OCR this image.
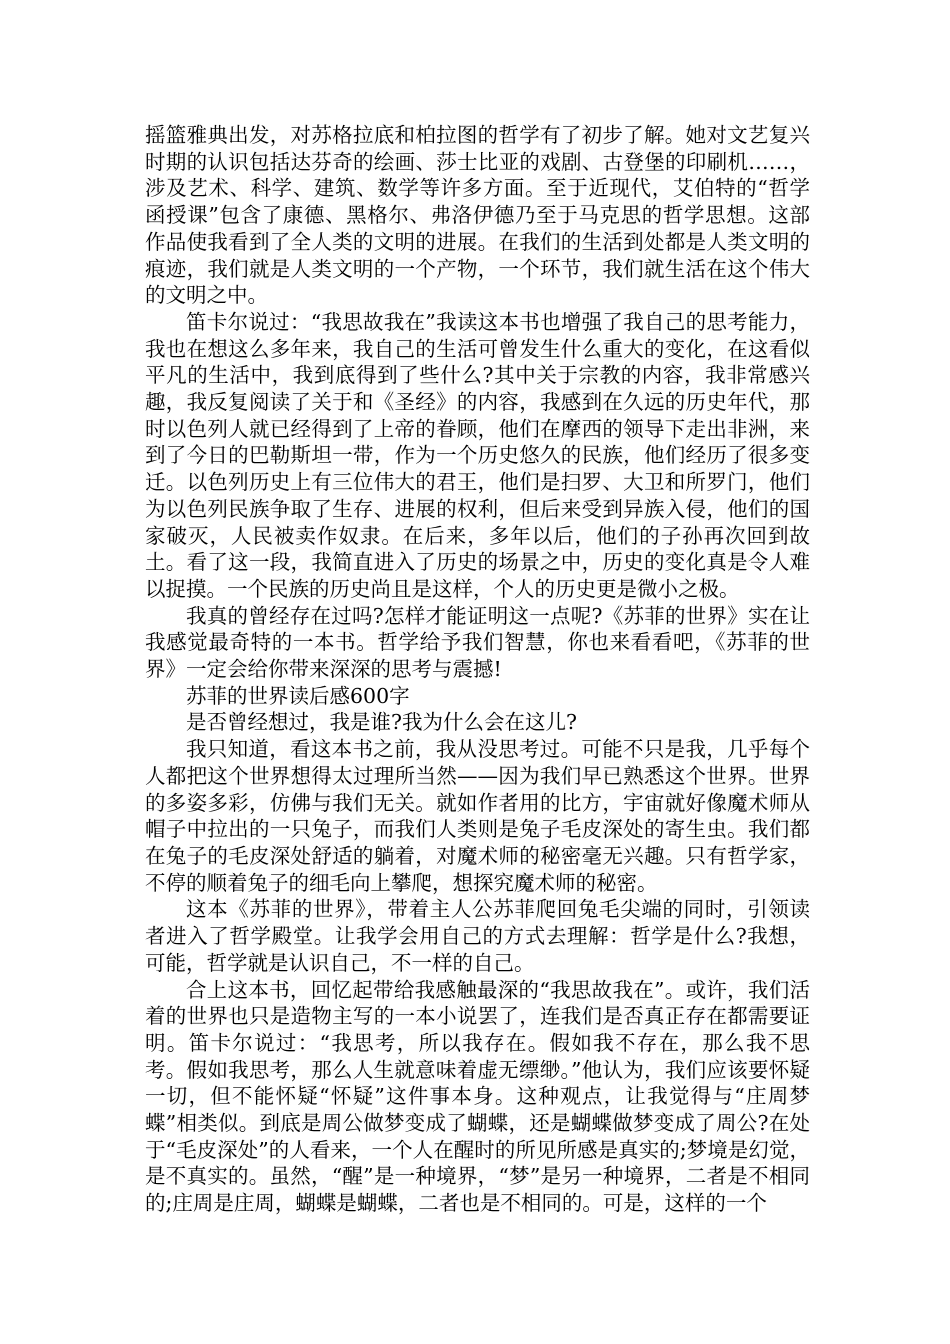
摇篮雅典出发，对苏格拉底和柏拉图的哲学有了初步了解。她对文艺复兴时期的认识包括达芬奇的绘画、莎士比亚的戏剧、古登堡的印刷机……，涉及艺术、科学、建筑、数学等许多方面。至于近现代，艾伯特的“哲学函授课”包含了康德、黑格尔、弗洛伊德乃至于马克思的哲学思想。这部作品使我看到了全人类的文明的进展。在我们的生活到处都是人类文明的痕迹，我们就是人类文明的一个产物，一个环节，我们就生活在这个伟大的文明之中。

笛卡尔说过：“我思故我在”我读这本书也增强了我自己的思考能力，我也在想这么多年来，我自己的生活可曾发生什么重大的变化，在这看似平凡的生活中，我到底得到了些什么?其中关于宗教的内容，我非常感兴趣，我反复阅读了关于和《圣经》的内容，我感到在久远的历史年代，那时以色列人就已经得到了上帝的眷顾，他们在摩西的领导下走出非洲，来到了今日的巴勒斯坦一带，作为一个历史悠久的民族，他们经历了很多变迁。以色列历史上有三位伟大的君王，他们是扫罗、大卫和所罗门，他们为以色列民族争取了生存、进展的权利，但后来受到异族入侵，他们的国家破灭，人民被卖作奴隶。在后来，多年以后，他们的子孙再次回到故土。看了这一段，我简直进入了历史的场景之中，历史的变化真是令人难以捉摸。一个民族的历史尚且是这样，个人的历史更是微小之极。

我真的曾经存在过吗?怎样才能证明这一点呢?《苏菲的世界》实在让我感觉最奇特的一本书。哲学给予我们智慧，你也来看看吧，《苏菲的世界》一定会给你带来深深的思考与震撼!

苏菲的世界读后感600字

是否曾经想过，我是谁?我为什么会在这儿?

我只知道，看这本书之前，我从没思考过。可能不只是我，几乎每个人都把这个世界想得太过理所当然——因为我们早已熟悉这个世界。世界的多姿多彩，仿佛与我们无关。就如作者用的比方，宇宙就好像魔术师从帽子中拉出的一只兔子，而我们人类则是兔子毛皮深处的寄生虫。我们都在兔子的毛皮深处舒适的躺着，对魔术师的秘密毫无兴趣。只有哲学家，不停的顺着兔子的细毛向上攀爬，想探究魔术师的秘密。

这本《苏菲的世界》，带着主人公苏菲爬回兔毛尖端的同时，引领读者进入了哲学殿堂。让我学会用自己的方式去理解：哲学是什么?我想，可能，哲学就是认识自己，不一样的自己。

合上这本书，回忆起带给我感触最深的“我思故我在”。或许，我们活着的世界也只是造物主写的一本小说罢了，连我们是否真正存在都需要证明。笛卡尔说过：“我思考，所以我存在。假如我不存在，那么我不思考。假如我思考，那么人生就意味着虚无缥缈。”他认为，我们应该要怀疑一切，但不能怀疑“怀疑”这件事本身。这种观点，让我觉得与“庄周梦蝶”相类似。到底是周公做梦变成了蝴蝶，还是蝴蝶做梦变成了周公?在处于“毛皮深处”的人看来，一个人在醒时的所见所感是真实的;梦境是幻觉，是不真实的。虽然，“醒”是一种境界，“梦”是另一种境界，二者是不相同的;庄周是庄周，蝴蝶是蝴蝶，二者也是不相同的。可是，这样的一个
